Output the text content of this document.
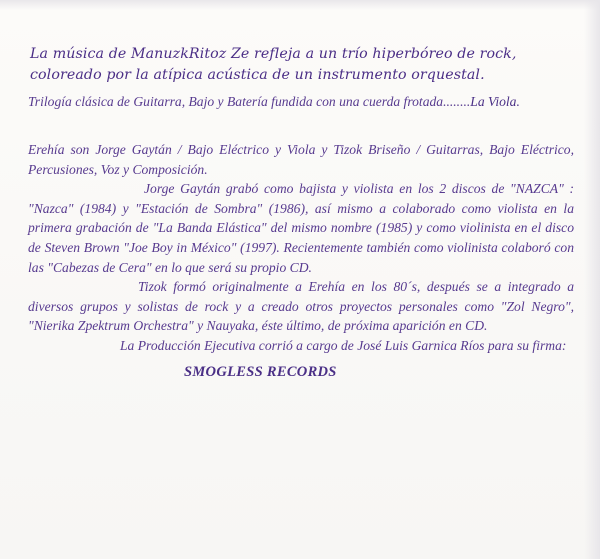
La música de ManuzkRitoz Ze refleja a un trío hiperbóreo de rock, coloreado por la atípica acústica de un instrumento orquestal.

Trilogía clásica de Guitarra, Bajo y Batería fundida con una cuerda frotada........La Viola.

Erehía son Jorge Gaytán / Bajo Eléctrico y Viola y Tizok Briseño / Guitarras, Bajo Eléctrico, Percusiones, Voz y Composición.

Jorge Gaytán grabó como bajista y violista en los 2 discos de "NAZCA" : "Nazca" (1984) y "Estación de Sombra" (1986), así mismo a colaborado como violista en la primera grabación de "La Banda Elástica" del mismo nombre (1985) y como violinista en el disco de Steven Brown "Joe Boy in México" (1997). Recientemente también como violinista colaboró con las "Cabezas de Cera" en lo que será su propio CD.

Tizok formó originalmente a Erehía en los 80´s, después se a integrado a diversos grupos y solistas de rock y a creado otros proyectos personales como "Zol Negro", "Nierika Zpektrum Orchestra" y Nauyaka, éste último, de próxima aparición en CD.

La Producción Ejecutiva corrió a cargo de José Luis Garnica Ríos para su firma:

SMOGLESS RECORDS
